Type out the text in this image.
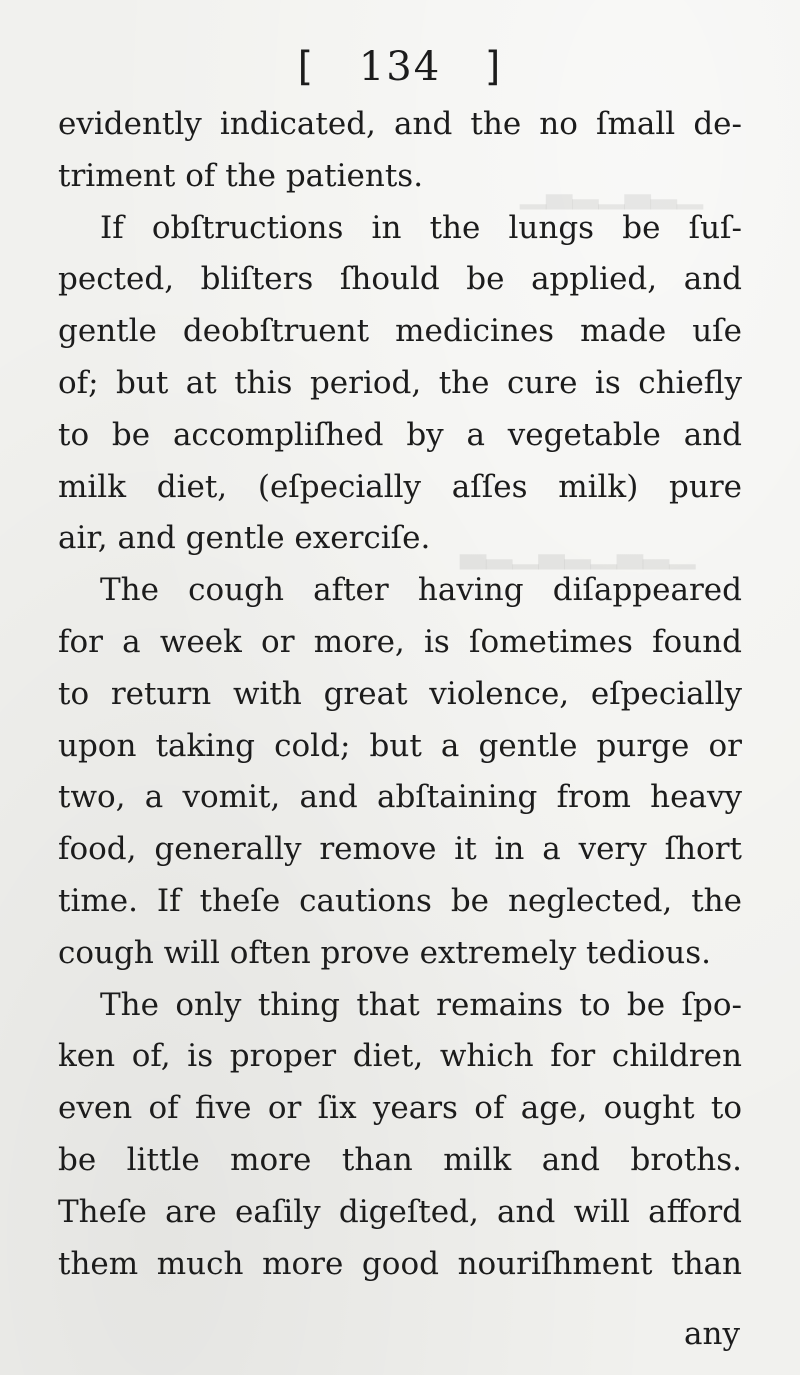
▁▂▃▁▂▃▁
▁▂▃▁▂▃▁▂▃
[ 134 ]
evidently indicated, and the no ſmall de-
triment of the patients.
If obſtructions in the lungs be ſuſ-
pected, bliſters ſhould be applied, and
gentle deobſtruent medicines made uſe
of; but at this period, the cure is chiefly
to be accompliſhed by a vegetable and
milk diet, (eſpecially aſſes milk) pure
air, and gentle exerciſe.
The cough after having diſappeared
for a week or more, is ſometimes found
to return with great violence, eſpecially
upon taking cold; but a gentle purge or
two, a vomit, and abſtaining from heavy
food, generally remove it in a very ſhort
time. If theſe cautions be neglected, the
cough will often prove extremely tedious.
The only thing that remains to be ſpo-
ken of, is proper diet, which for children
even of five or ſix years of age, ought to
be little more than milk and broths.
Theſe are eaſily digeſted, and will afford
them much more good nouriſhment than
any
